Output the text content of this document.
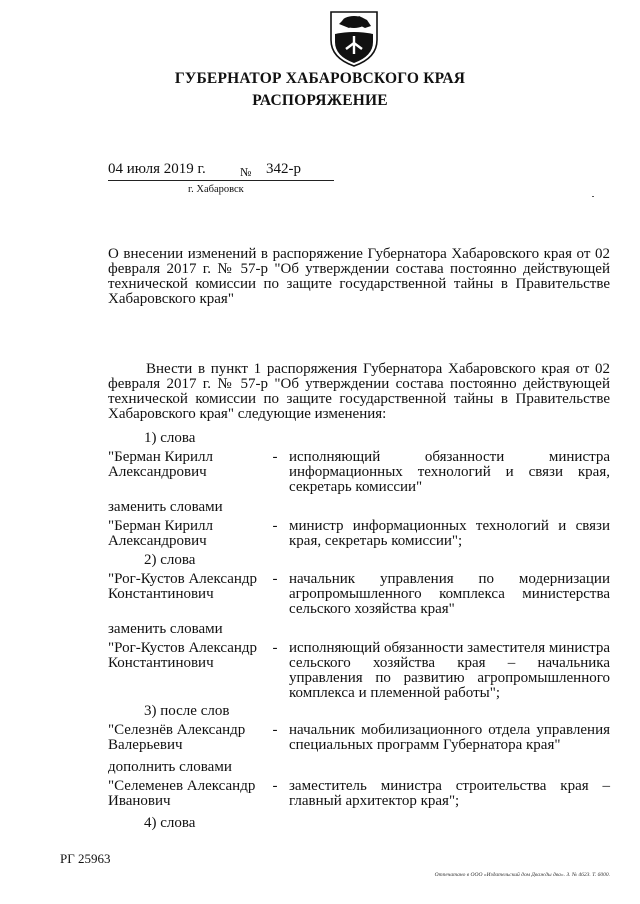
ГУБЕРНАТОР ХАБАРОВСКОГО КРАЯ
РАСПОРЯЖЕНИЕ
04 июля 2019 г.	№ 342-р
г. Хабаровск
О внесении изменений в распоряжение Губернатора Хабаровского края от 02 февраля 2017 г. № 57-р "Об утверждении состава постоянно действующей технической комиссии по защите государственной тайны в Правительстве Хабаровского края"
Внести в пункт 1 распоряжения Губернатора Хабаровского края от 02 февраля 2017 г. № 57-р "Об утверждении состава постоянно действующей технической комиссии по защите государственной тайны в Правительстве Хабаровского края" следующие изменения:
1) слова
"Берман Кирилл Александрович
- исполняющий обязанности министра информационных технологий и связи края, секретарь комиссии"
заменить словами
"Берман Кирилл Александрович
- министр информационных технологий и связи края, секретарь комиссии";
2) слова
"Рог-Кустов Александр Константинович
- начальник управления по модернизации агропромышленного комплекса министерства сельского хозяйства края"
заменить словами
"Рог-Кустов Александр Константинович
- исполняющий обязанности заместителя министра сельского хозяйства края – начальника управления по развитию агропромышленного комплекса и племенной работы";
3) после слов
"Селезнёв Александр Валерьевич
- начальник мобилизационного отдела управления специальных программ Губернатора края"
дополнить словами
"Селеменев Александр Иванович
- заместитель министра строительства края – главный архитектор края";
4) слова
РГ 25963
Отпечатано в ООО «Издательский дом Дважды два». З. № 4623. Т. 6000.
